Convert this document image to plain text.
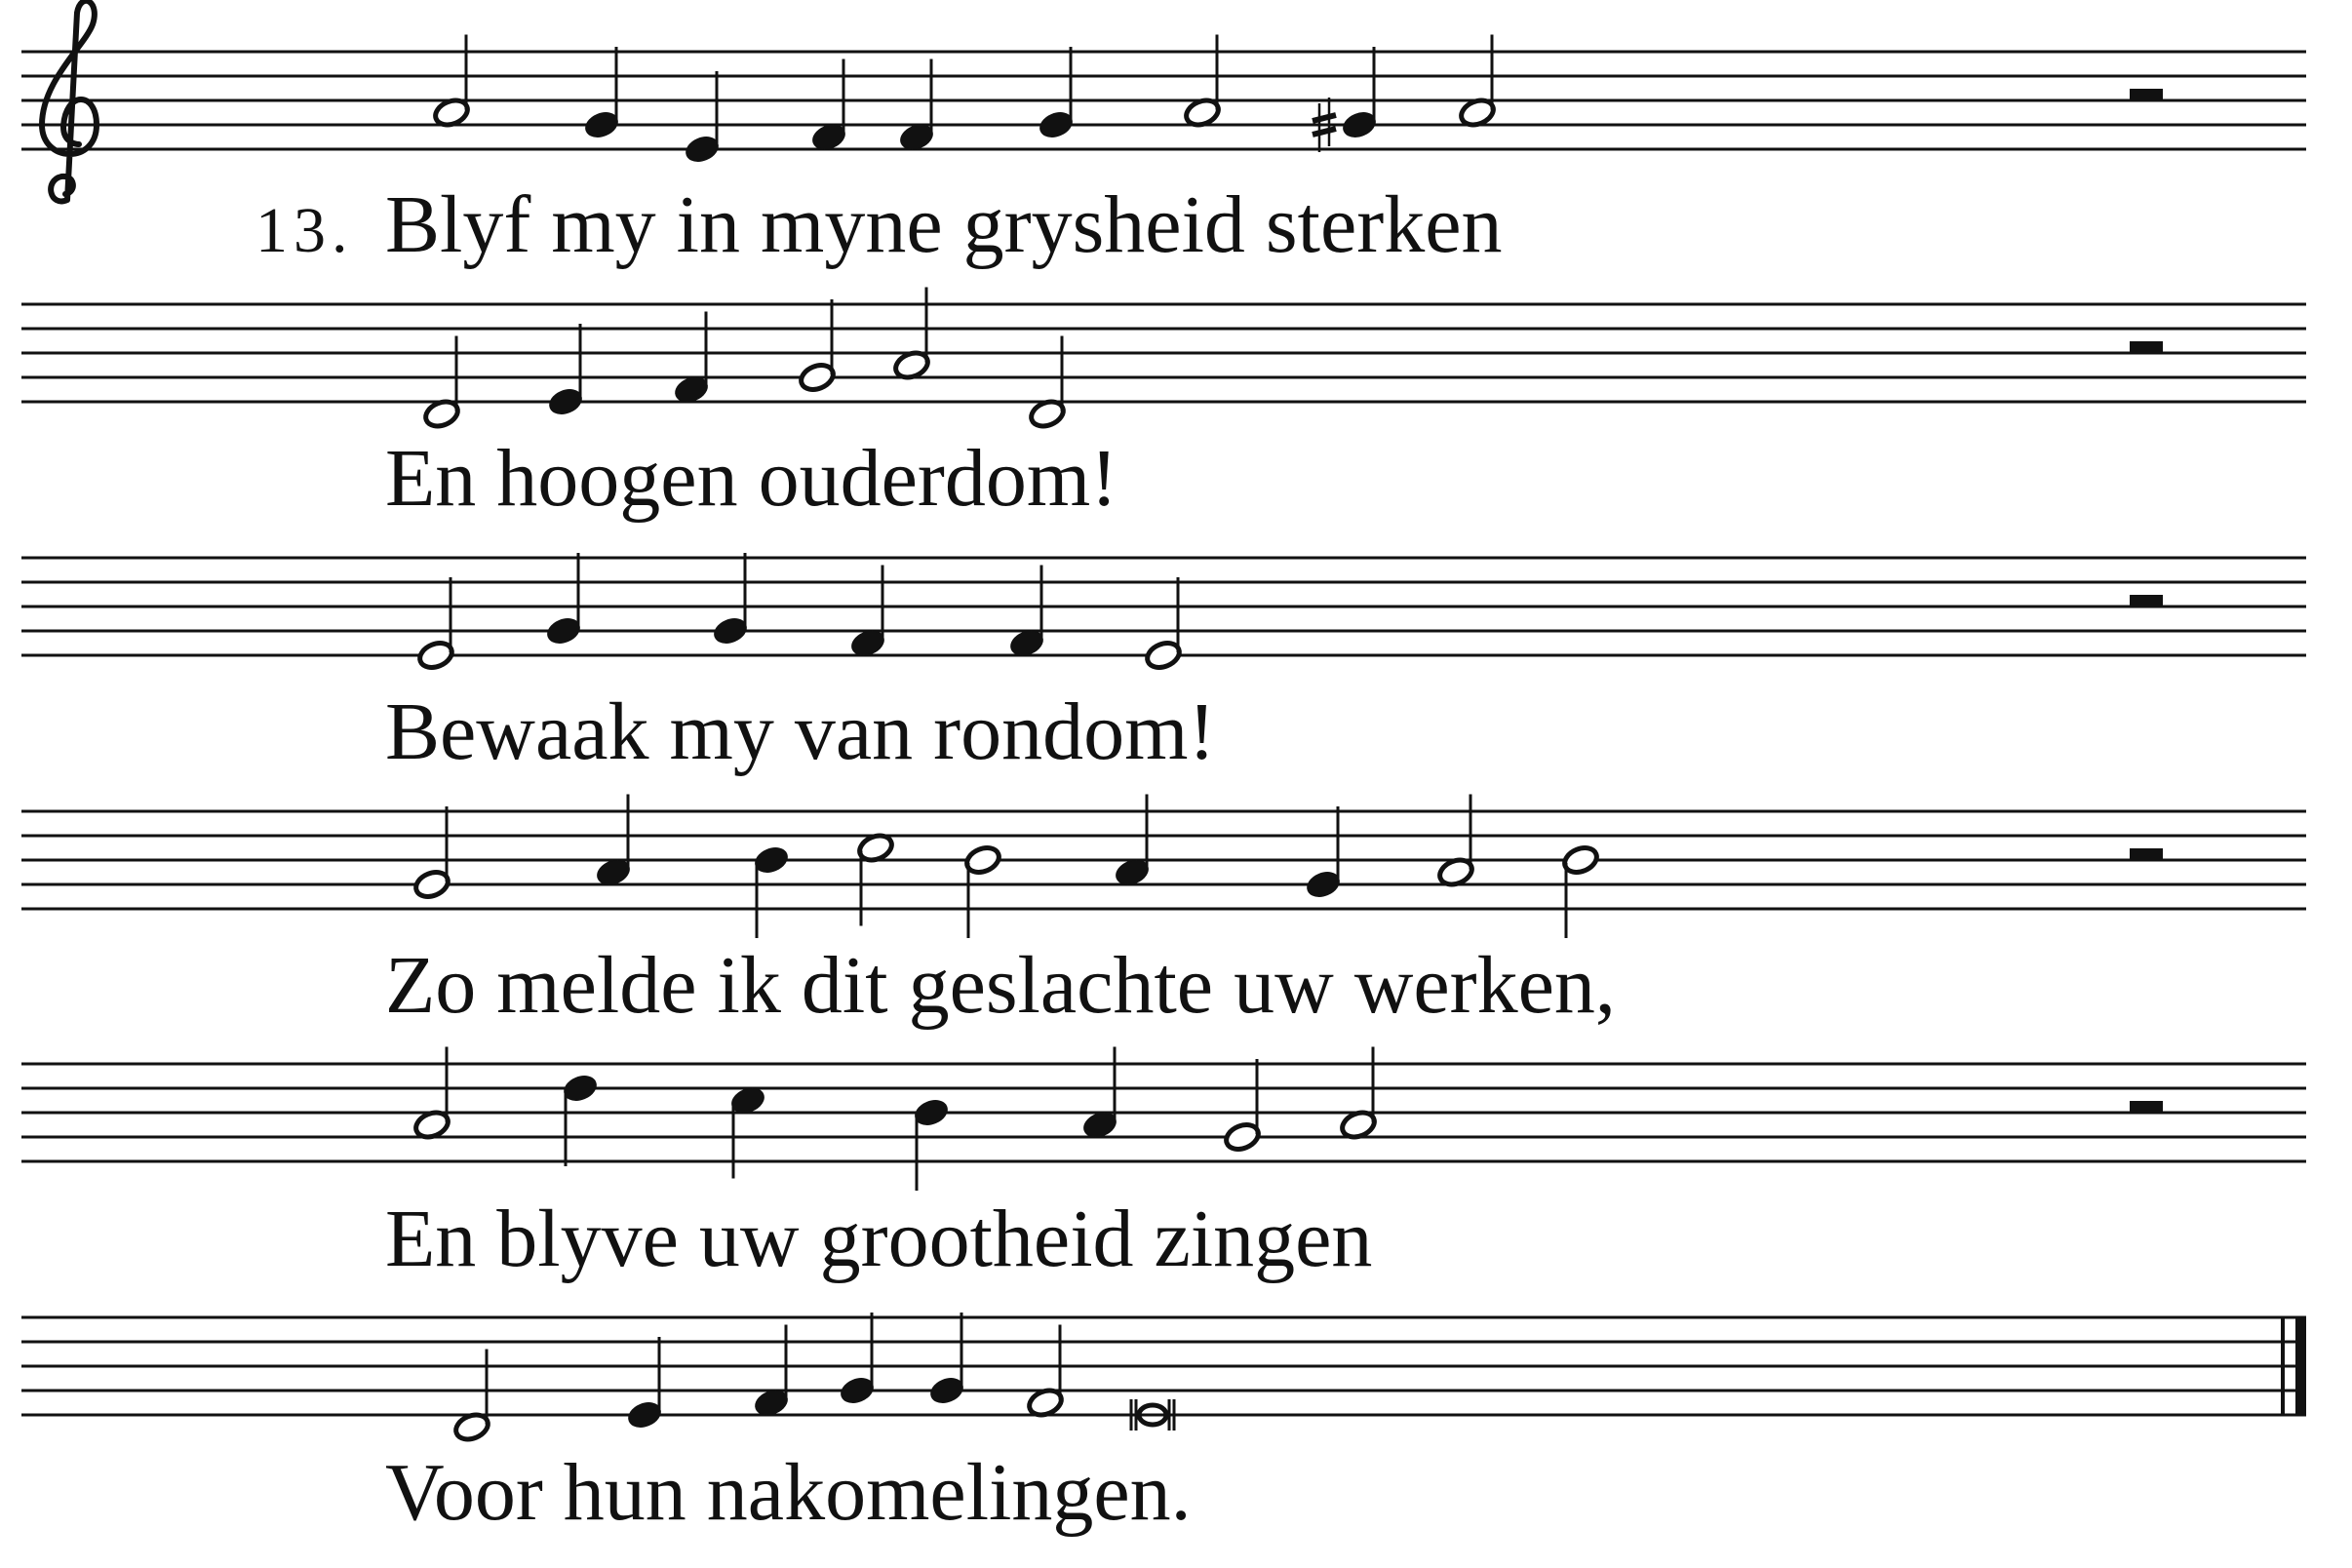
Blyf my in myne grysheid sterken
13.
En hoogen ouderdom!
Bewaak my van rondom!
Zo melde ik dit geslachte uw werken,
En blyve uw grootheid zingen
Voor hun nakomelingen.
